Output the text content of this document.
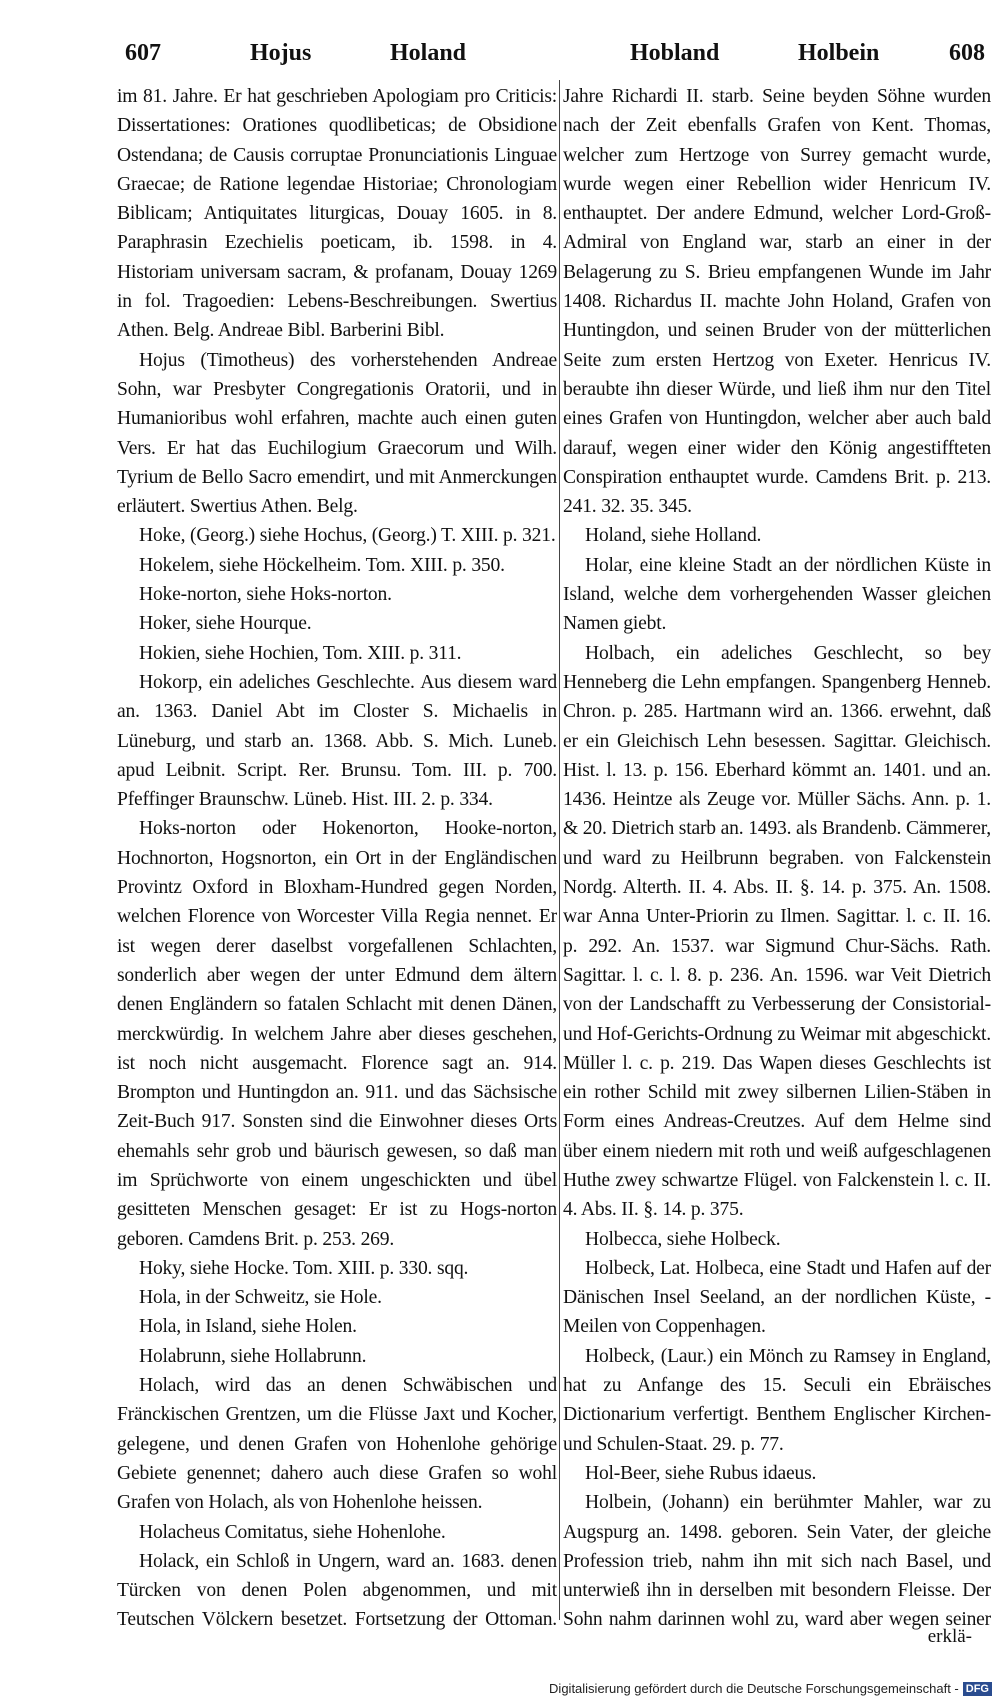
607	Hojus	Holand	Hobland	Holbein	608

im 81. Jahre. Er hat geschrieben Apologiam pro Criticis: Dissertationes: Orationes quodlibeticas; de Obsidione Ostendana; de Causis corruptae Pronunciationis Linguae Graecae; de Ratione legendae Historiae; Chronologiam Biblicam; Antiquitates liturgicas, Douay 1605. in 8. Paraphrasin Ezechielis poeticam, ib. 1598. in 4. Historiam universam sacram, & profanam, Douay 1269 in fol. Tragoedien: Lebens-Beschreibungen. Swertius Athen. Belg. Andreae Bibl. Barberini Bibl.

Hojus (Timotheus) des vorherstehenden Andreae Sohn, war Presbyter Congregationis Oratorii, und in Humanioribus wohl erfahren, machte auch einen guten Vers. Er hat das Euchilogium Graecorum und Wilh. Tyrium de Bello Sacro emendirt, und mit Anmerckungen erläutert. Swertius Athen. Belg.

Hoke, (Georg.) siehe Hochus, (Georg.) T. XIII. p. 321.

Hokelem, siehe Höckelheim. Tom. XIII. p. 350.

Hoke-norton, siehe Hoks-norton.

Hoker, siehe Hourque.

Hokien, siehe Hochien, Tom. XIII. p. 311.

Hokorp, ein adeliches Geschlechte. Aus diesem ward an. 1363. Daniel Abt im Closter S. Michaelis in Lüneburg, und starb an. 1368. Abb. S. Mich. Luneb. apud Leibnit. Script. Rer. Brunsu. Tom. III. p. 700. Pfeffinger Braunschw. Lüneb. Hist. III. 2. p. 334.

Hoks-norton oder Hokenorton, Hooke-norton, Hochnorton, Hogsnorton, ein Ort in der Engländischen Provintz Oxford in Bloxham-Hundred gegen Norden, welchen Florence von Worcester Villa Regia nennet. Er ist wegen derer daselbst vorgefallenen Schlachten, sonderlich aber wegen der unter Edmund dem ältern denen Engländern so fatalen Schlacht mit denen Dänen, merckwürdig. In welchem Jahre aber dieses geschehen, ist noch nicht ausgemacht. Florence sagt an. 914. Brompton und Huntingdon an. 911. und das Sächsische Zeit-Buch 917. Sonsten sind die Einwohner dieses Orts ehemahls sehr grob und bäurisch gewesen, so daß man im Sprüchworte von einem ungeschickten und übel gesitteten Menschen gesaget: Er ist zu Hogs-norton geboren. Camdens Brit. p. 253. 269.

Hoky, siehe Hocke. Tom. XIII. p. 330. sqq.

Hola, in der Schweitz, sie Hole.

Hola, in Island, siehe Holen.

Holabrunn, siehe Hollabrunn.

Holach, wird das an denen Schwäbischen und Fränckischen Grentzen, um die Flüsse Jaxt und Kocher, gelegene, und denen Grafen von Hohenlohe gehörige Gebiete genennet; dahero auch diese Grafen so wohl Grafen von Holach, als von Hohenlohe heissen.

Holacheus Comitatus, siehe Hohenlohe.

Holack, ein Schloß in Ungern, ward an. 1683. denen Türcken von denen Polen abgenommen, und mit Teutschen Völckern besetzet. Fortsetzung der Ottoman.

Jahre Richardi II. starb. Seine beyden Söhne wurden nach der Zeit ebenfalls Grafen von Kent. Thomas, welcher zum Hertzoge von Surrey gemacht wurde, wurde wegen einer Rebellion wider Henricum IV. enthauptet. Der andere Edmund, welcher Lord-Groß-Admiral von England war, starb an einer in der Belagerung zu S. Brieu empfangenen Wunde im Jahr 1408. Richardus II. machte John Holand, Grafen von Huntingdon, und seinen Bruder von der mütterlichen Seite zum ersten Hertzog von Exeter. Henricus IV. beraubte ihn dieser Würde, und ließ ihm nur den Titel eines Grafen von Huntingdon, welcher aber auch bald darauf, wegen einer wider den König angestiffteten Conspiration enthauptet wurde. Camdens Brit. p. 213. 241. 32. 35. 345.

Holand, siehe Holland.

Holar, eine kleine Stadt an der nördlichen Küste in Island, welche dem vorhergehenden Wasser gleichen Namen giebt.

Holbach, ein adeliches Geschlecht, so bey Henneberg die Lehn empfangen. Spangenberg Henneb. Chron. p. 285. Hartmann wird an. 1366. erwehnt, daß er ein Gleichisch Lehn besessen. Sagittar. Gleichisch. Hist. l. 13. p. 156. Eberhard kömmt an. 1401. und an. 1436. Heintze als Zeuge vor. Müller Sächs. Ann. p. 1. & 20. Dietrich starb an. 1493. als Brandenb. Cämmerer, und ward zu Heilbrunn begraben. von Falckenstein Nordg. Alterth. II. 4. Abs. II. §. 14. p. 375. An. 1508. war Anna Unter-Priorin zu Ilmen. Sagittar. l. c. II. 16. p. 292. An. 1537. war Sigmund Chur-Sächs. Rath. Sagittar. l. c. l. 8. p. 236. An. 1596. war Veit Dietrich von der Landschafft zu Verbesserung der Consistorial- und Hof-Gerichts-Ordnung zu Weimar mit abgeschickt. Müller l. c. p. 219. Das Wapen dieses Geschlechts ist ein rother Schild mit zwey silbernen Lilien-Stäben in Form eines Andreas-Creutzes. Auf dem Helme sind über einem niedern mit roth und weiß aufgeschlagenen Huthe zwey schwartze Flügel. von Falckenstein l. c. II. 4. Abs. II. §. 14. p. 375.

Holbecca, siehe Holbeck.

Holbeck, Lat. Holbeca, eine Stadt und Hafen auf der Dänischen Insel Seeland, an der nordlichen Küste, - Meilen von Coppenhagen.

Holbeck, (Laur.) ein Mönch zu Ramsey in England, hat zu Anfange des 15. Seculi ein Ebräisches Dictionarium verfertigt. Benthem Englischer Kirchen- und Schulen-Staat. 29. p. 77.

Hol-Beer, siehe Rubus idaeus.

Holbein, (Johann) ein berühmter Mahler, war zu Augspurg an. 1498. geboren. Sein Vater, der gleiche Profession trieb, nahm ihn mit sich nach Basel, und unterwieß ihn in derselben mit besondern Fleisse. Der Sohn nahm darinnen wohl zu, ward aber wegen seiner

erklä-
Digitalisierung gefördert durch die Deutsche Forschungsgemeinschaft - DFG
